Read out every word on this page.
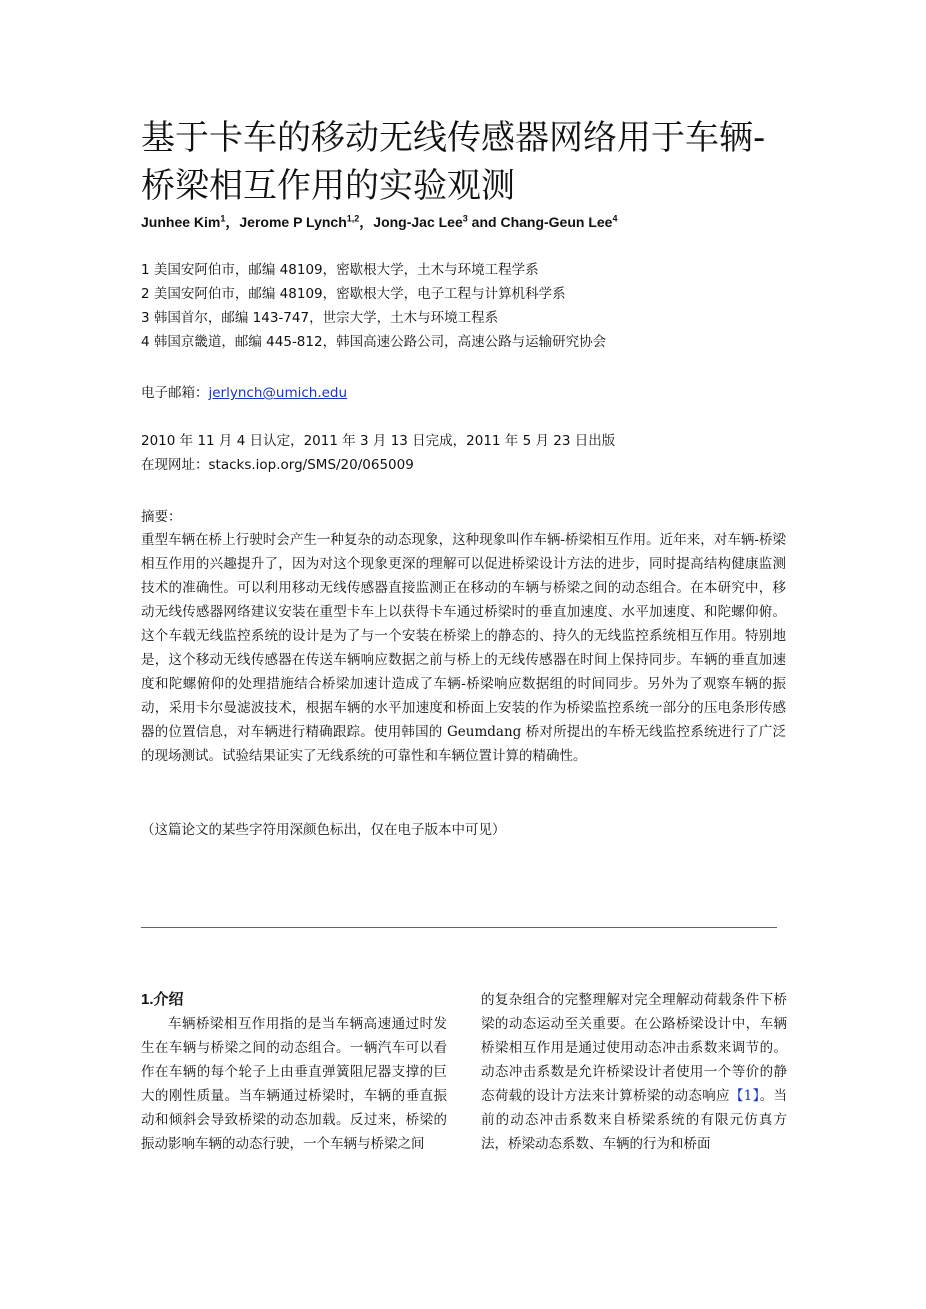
基于卡车的移动无线传感器网络用于车辆-
桥梁相互作用的实验观测
Junhee Kim$^1$，Jerome P Lynch$^{1,2}$，Jong-Jac Lee$^3$ and Chang-Geun Lee$^4$
1 美国安阿伯市，邮编 48109，密歇根大学，土木与环境工程学系
2 美国安阿伯市，邮编 48109，密歇根大学，电子工程与计算机科学系
3 韩国首尔，邮编 143-747，世宗大学，土木与环境工程系
4 韩国京畿道，邮编 445-812，韩国高速公路公司，高速公路与运输研究协会
电子邮箱：jerlynch@umich.edu
2010 年 11 月 4 日认定，2011 年 3 月 13 日完成，2011 年 5 月 23 日出版
在现网址：stacks.iop.org/SMS/20/065009
摘要：
重型车辆在桥上行驶时会产生一种复杂的动态现象，这种现象叫作车辆-桥梁相互作用。近年来，对车辆-桥梁相互作用的兴趣提升了，因为对这个现象更深的理解可以促进桥梁设计方法的进步，同时提高结构健康监测技术的准确性。可以利用移动无线传感器直接监测正在移动的车辆与桥梁之间的动态组合。在本研究中，移动无线传感器网络建议安装在重型卡车上以获得卡车通过桥梁时的垂直加速度、水平加速度、和陀螺仰俯。这个车载无线监控系统的设计是为了与一个安装在桥梁上的静态的、持久的无线监控系统相互作用。特别地是，这个移动无线传感器在传送车辆响应数据之前与桥上的无线传感器在时间上保持同步。车辆的垂直加速度和陀螺俯仰的处理措施结合桥梁加速计造成了车辆-桥梁响应数据组的时间同步。另外为了观察车辆的振动，采用卡尔曼滤波技术，根据车辆的水平加速度和桥面上安装的作为桥梁监控系统一部分的压电条形传感器的位置信息，对车辆进行精确跟踪。使用韩国的 Geumdang 桥对所提出的车桥无线监控系统进行了广泛的现场测试。试验结果证实了无线系统的可靠性和车辆位置计算的精确性。
（这篇论文的某些字符用深颜色标出，仅在电子版本中可见）
1.介绍
车辆桥梁相互作用指的是当车辆高速通过时发生在车辆与桥梁之间的动态组合。一辆汽车可以看作在车辆的每个轮子上由垂直弹簧阻尼器支撑的巨大的刚性质量。当车辆通过桥梁时，车辆的垂直振动和倾斜会导致桥梁的动态加载。反过来，桥梁的振动影响车辆的动态行驶，一个车辆与桥梁之间
的复杂组合的完整理解对完全理解动荷载条件下桥梁的动态运动至关重要。在公路桥梁设计中，车辆桥梁相互作用是通过使用动态冲击系数来调节的。动态冲击系数是允许桥梁设计者使用一个等价的静态荷载的设计方法来计算桥梁的动态响应【1】。当前的动态冲击系数来自桥梁系统的有限元仿真方法，桥梁动态系数、车辆的行为和桥面
